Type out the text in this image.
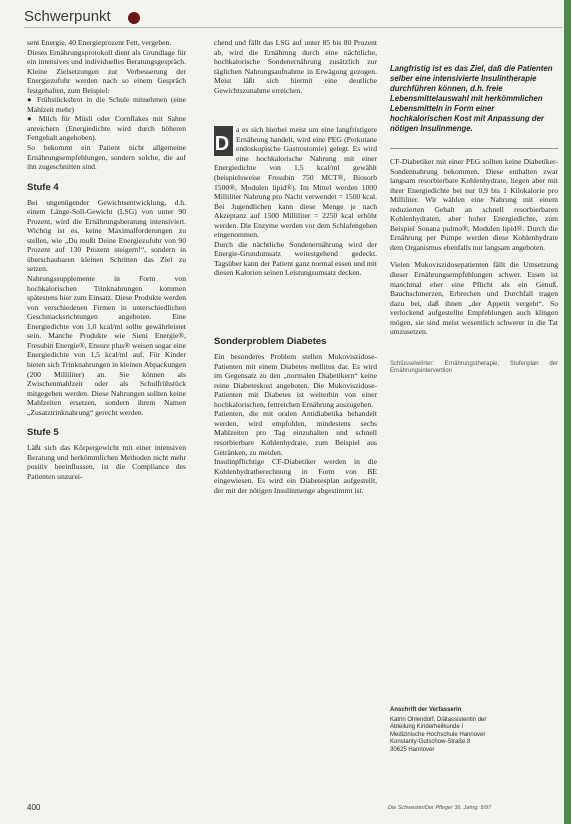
Schwerpunkt

sent Energie, 40 Energieprozent Fett, vergeben.

Dieses Ernährungsprotokoll dient als Grundlage für ein intensives und individuelles Beratungsgespräch. Kleine Zielsetzungen zur Verbesserung der Energiezufuhr werden nach so einem Gespräch festgehalten, zum Beispiel:

● Frühstücksbrot in die Schule mitnehmen (eine Mahlzeit mehr)

● Milch für Müsli oder Cornflakes mit Sahne anreichern (Energiedichte wird durch höheren Fettgehalt angehoben).

So bekommt ein Patient nicht allgemeine Ernährungsempfehlungen, sondern solche, die auf ihn zugeschnitten sind.

Stufe 4

Bei ungenügender Gewichtsentwicklung, d.h. einem Länge-Soll-Gewicht (LSG) von unter 90 Prozent, wird die Ernährungsberatung intensiviert. Wichtig ist es, keine Maximalforderungen zu stellen, wie „Du mußt Deine Energiezufuhr von 90 Prozent auf 130 Prozent steigern!“, sondern in überschaubaren kleinen Schritten das Ziel zu setzen.

Nahrungssupplemente in Form von hochkalorischen Trinknahrungen kommen spätestens hier zum Einsatz. Diese Produkte werden von verschiedenen Firmen in unterschiedlichen Geschmacksrichtungen angeboten. Eine Energiedichte von 1,0 kcal/ml sollte gewährleistet sein. Manche Produkte wie Sieni Energie®, Fresubin Energie®, Ensure plus® weisen sogar eine Energiedichte von 1,5 kcal/ml auf. Für Kinder bieten sich Trinknahrungen in kleinen Abpackungen (200 Milliliter) an. Sie können als Zwischenmahlzeit oder als Schulfrühstück mitgegeben werden. Diese Nahrungen sollten keine Mahlzeiten ersetzen, sondern ihrem Namen „Zusatztrinknahrung“ gerecht werden.

Stufe 5

Läßt sich das Körpergewicht mit einer intensiven Beratung und herkömmlichen Methoden nicht mehr positiv beeinflussen, ist die Compliance des Patienten unzurei-

chend und fällt das LSG auf unter 85 bis 80 Prozent ab, wird die Ernährung durch eine nächtliche, hochkalorische Sondenernährung zusätzlich zur täglichen Nahrungsaufnahme in Erwägung gezogen. Meist läßt sich hiermit eine deutliche Gewichtszunahme erreichen.

D
a es sich hierbei meist um eine langfristigere Ernährung handelt, wird eine PEG (Perkutane endoskopische Gastrostomie) gelegt. Es wird eine hochkalorische Nahrung mit einer Energiedichte von 1,5 kcal/ml gewählt (beispielsweise Fresubin 750 MCT®, Biosorb 1500®, Modulen lipid®). Im Mittel werden 1000 Milliliter Nahrung pro Nacht verwendet = 1500 kcal. Bei Jugendlichen kann diese Menge je nach Akzeptanz auf 1500 Milliliter = 2250 kcal erhöht werden. Die Enzyme werden vor dem Schlafengehen eingenommen.

Durch die nächtliche Sondenernährung wird der Energie-Grundumsatz weitestgehend gedeckt. Tagsüber kann der Patient ganz normal essen und mit diesen Kalorien seinen Leistungsumsatz decken.

Sonderproblem Diabetes

Ein besonderes Problem stellen Mukoviszidose-Patienten mit einem Diabetes mellitus dar. Es wird im Gegensatz zu den „normalen Diabetikern“ keine reine Diabeteskost angeboten. Die Mukoviszidose-Patienten mit Diabetes ist weiterhin von einer hochkalorischen, fettreichen Ernährung auszugehen.

Patienten, die mit oralen Antidiabetika behandelt werden, wird empfohlen, mindestens sechs Mahlzeiten pro Tag einzuhalten und schnell resorbierbare Kohlenhydrate, zum Beispiel aus Getränken, zu meiden.

Insulinpflichtige CF-Diabetiker werden in die Kohlenhydratberechnung in Form von BE eingewiesen. Es wird ein Diabetesplan aufgestellt, der mit der nötigen Insulinmenge abgestimmt ist.

Langfristig ist es das Ziel, daß die Patienten selber eine intensivierte Insulintherapie durchführen können, d.h. freie Lebensmittelauswahl mit herkömmlichen Lebensmitteln in Form einer hochkalorischen Kost mit Anpassung der nötigen Insulinmenge.

CF-Diabetiker mit einer PEG sollten keine Diabetiker-Sondennahrung bekommen. Diese enthalten zwar langsam resorbierbare Kohlenhydrate, liegen aber mit ihrer Energiedichte bei nur 0,9 bis 1 Kilokalorie pro Milliliter. Wir wählen eine Nahrung mit einem reduzierten Gehalt an schnell resorbierbaren Kohlenhydraten, aber hoher Energiedichte, zum Beispiel Sonana pulmo®, Modulen lipid®. Durch die Ernährung per Pumpe werden diese Kohlenhydrate dem Organismus ebenfalls nur langsam angeboten.

Vielen Mukoviszidosepatienten fällt die Umsetzung dieser Ernährungsempfehlungen schwer. Essen ist manchmal eher eine Pflicht als ein Genuß. Bauchschmerzen, Erbrechen und Durchfall tragen dazu bei, daß ihnen „der Appetit vergeht“. So verlockend aufgestellte Empfehlungen auch klingen mögen, sie sind meist wesentlich schwerer in die Tat umzusetzen.

Schlüsselwörter: Ernährungstherapie, Stufenplan der Ernährungsintervention
Anschrift der Verfasserin
Katrin Ohlendorf, Diätassistentin der
Abteilung Kinderheilkunde I
Medizinische Hochschule Hannover
Konstanty-Gutschow-Straße 8
30625 Hannover
400	Die Schwester/Der Pfleger 36. Jahrg. 5/97
